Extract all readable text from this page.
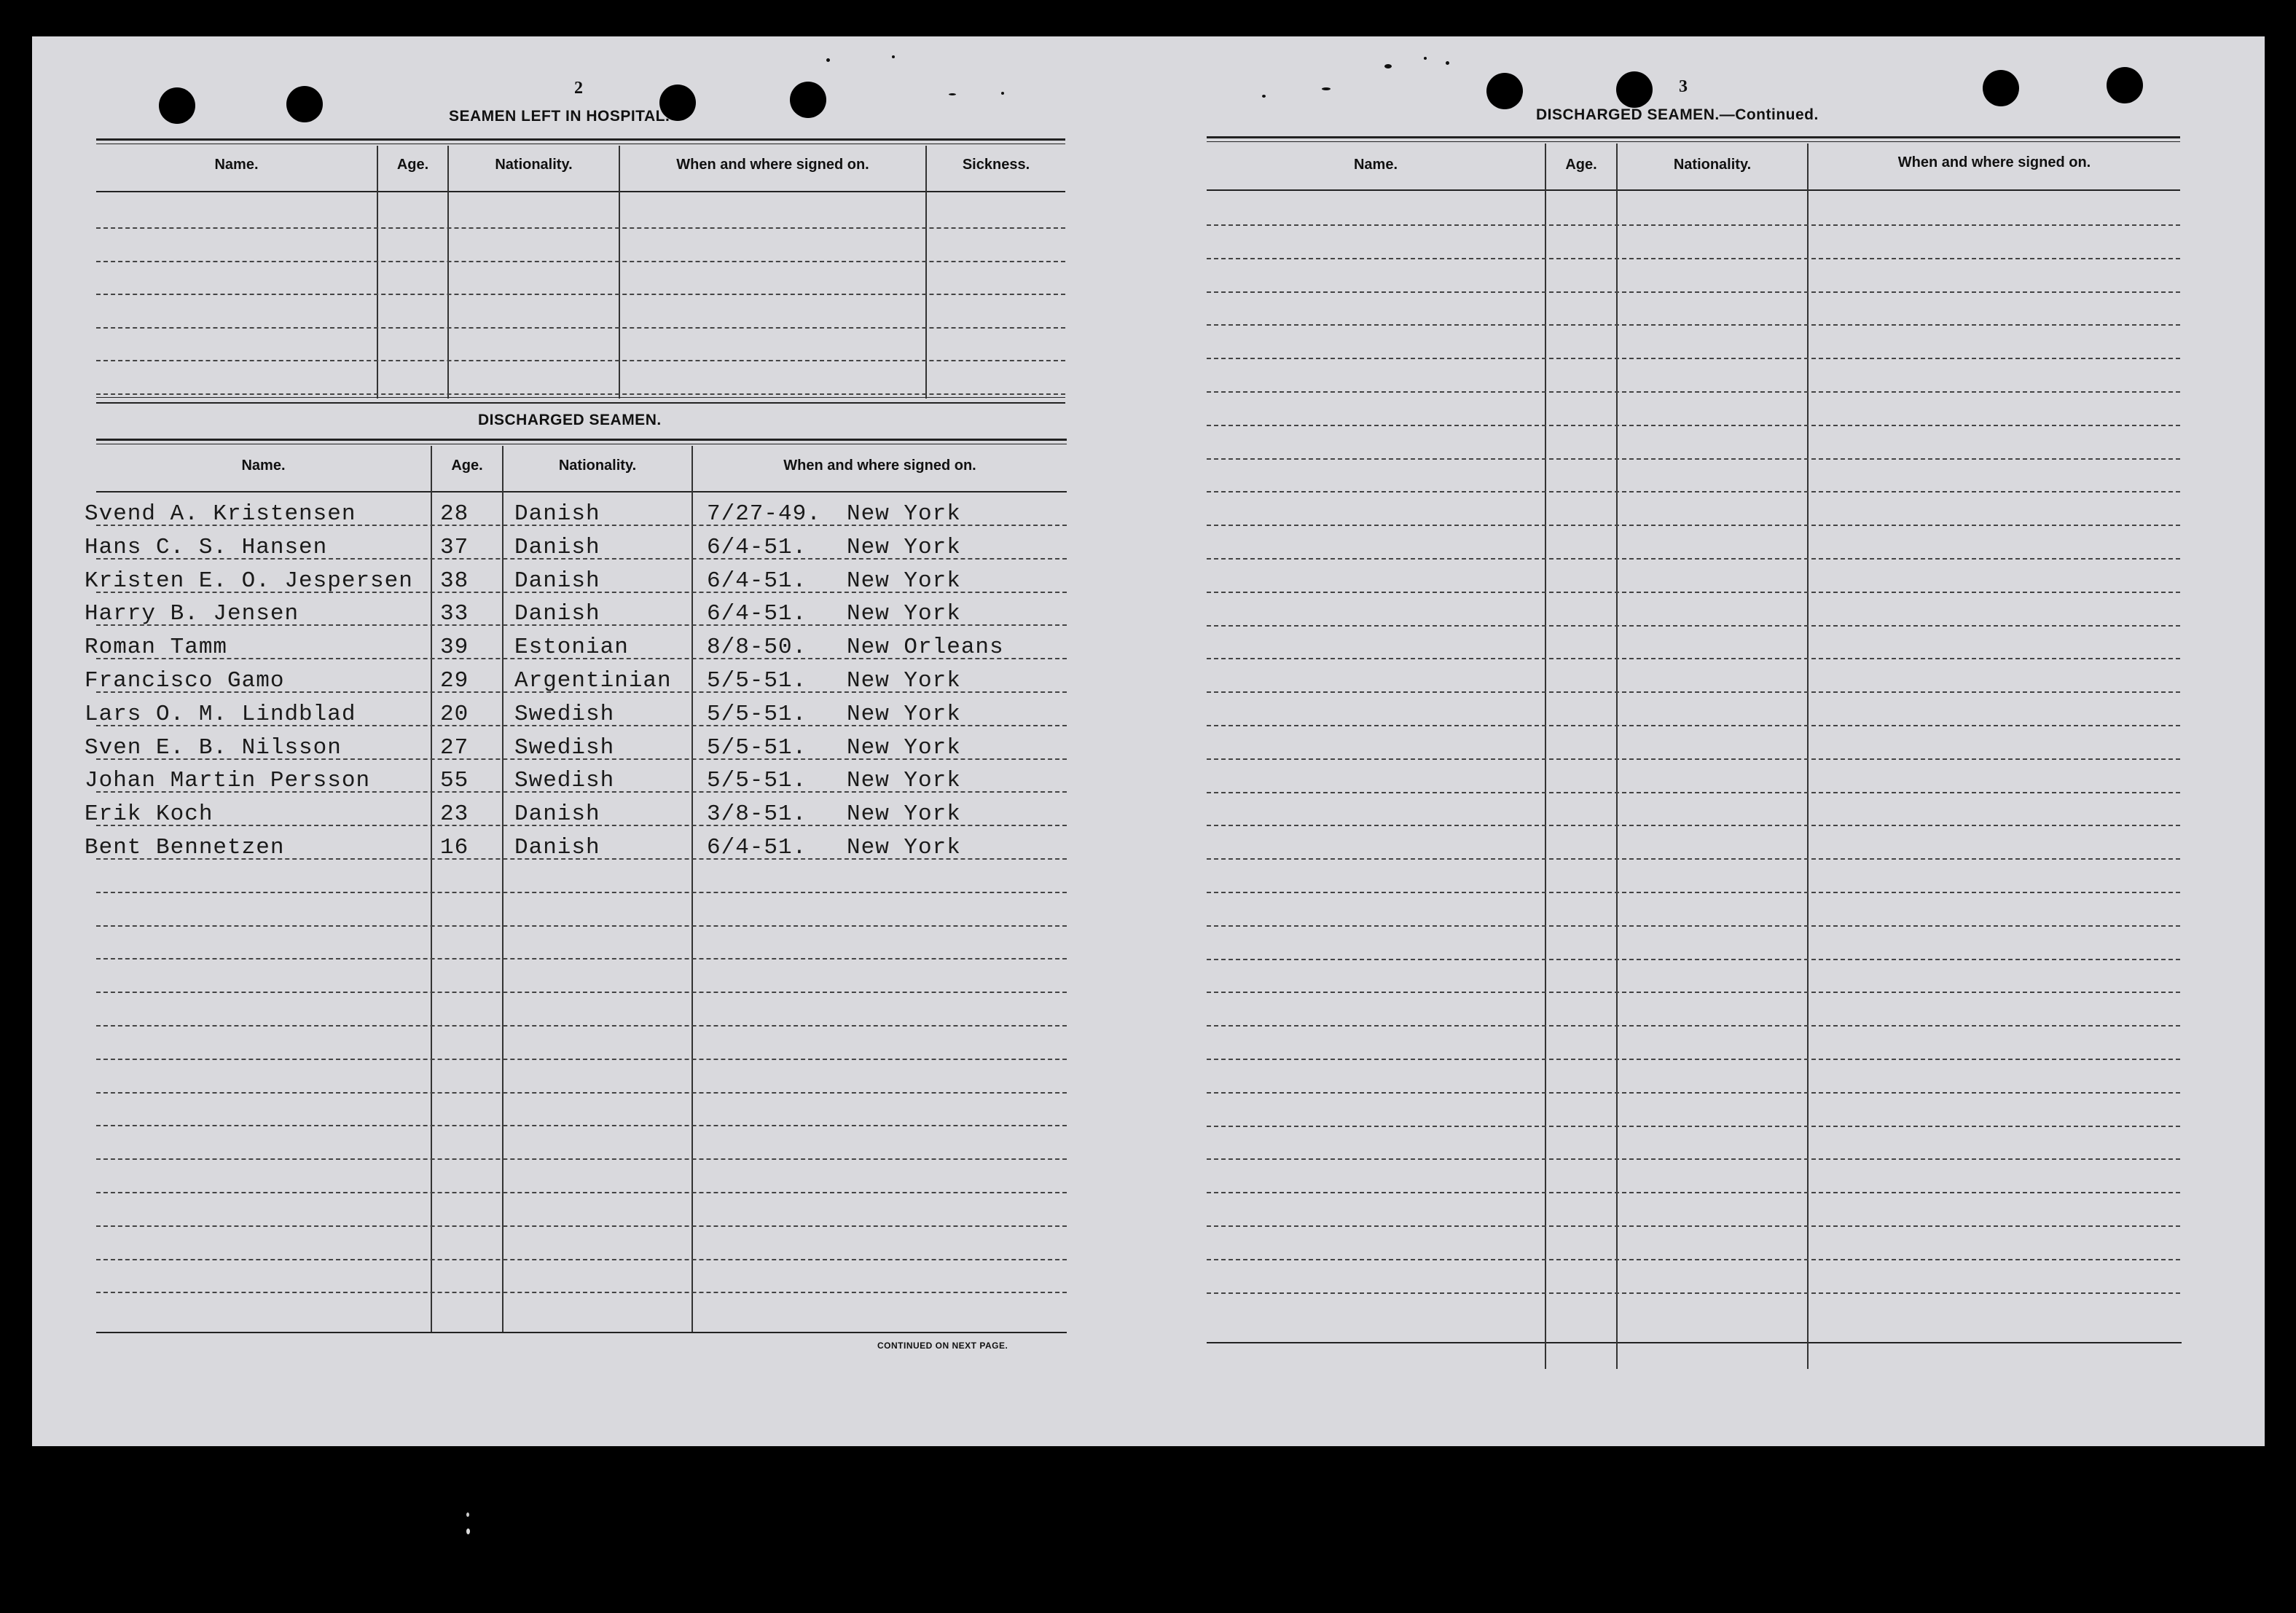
2
SEAMEN LEFT IN HOSPITAL.
Name.	Age.	Nationality.	When and where signed on.	Sickness.
DISCHARGED SEAMEN.
Name.	Age.	Nationality.	When and where signed on.
Svend A. Kristensen	28 Danish	7/27-49. New York
Hans C. S. Hansen	37 Danish	6/4-51. New York
Kristen E. O. Jespersen 38 Danish	6/4-51. New York
Harry B. Jensen	33 Danish	6/4-51. New York
Roman Tamm	39 Estonian	8/8-50. New Orleans
Francisco Gamo	29 Argentinian 5/5-51. New York
Lars O. M. Lindblad	20 Swedish	5/5-51. New York
Sven E. B. Nilsson	27 Swedish	5/5-51. New York
Johan Martin Persson	55 Swedish	5/5-51. New York
Erik Koch	23 Danish	3/8-51. New York
Bent Bennetzen	16 Danish	6/4-51. New York
CONTINUED ON NEXT PAGE.
3
DISCHARGED SEAMEN.—Continued.
Name.	Age.	Nationality.	When and where signed on.
